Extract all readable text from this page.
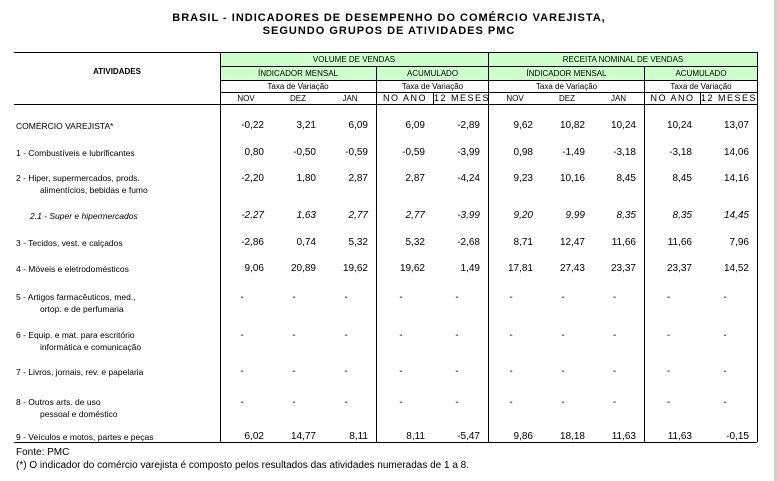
BRASIL - INDICADORES DE DESEMPENHO DO COMÉRCIO VAREJISTA,
SEGUNDO GRUPOS DE ATIVIDADES PMC
ATIVIDADES
VOLUME DE VENDAS	RECEITA NOMINAL DE VENDAS
ÍNDICADOR MENSAL	ACUMULADO	ÍNDICADOR MENSAL	ACUMULADO
Taxa de Variação	Taxa de Variação	Taxa de Variação	Taxa de Variação
NOV	DEZ	JAN	NO ANO 12 MESES	NOV	DEZ	JAN	NO ANO 12 MESES
COMÉRCIO VAREJISTA*	-0,22	3,21	6,09	6,09	-2,89	9,62	10,82	10,24	10,24	13,07
1 - Combustíveis e lubrificantes	0,80	-0,50	-0,59	-0,59	-3,99	0,98	-1,49	-3,18	-3,18	14,06
2 - Hiper, supermercados, prods.
alimentícios, bebidas e fumo
-2,20	1,80	2,87	2,87	-4,24	9,23	10,16	8,45	8,45	14,16
2.1 - Super e hipermercados	-2,27	1,63	2,77	2,77	-3,99	9,20	9,99	8,35	8,35	14,45
3 - Tecidos, vest. e calçados	-2,86	0,74	5,32	5,32	-2,68	8,71	12,47	11,66	11,66	7,96
4 - Móveis e eletrodomésticos	9,06	20,89	19,62	19,62	1,49	17,81	27,43	23,37	23,37	14,52
5 - Artigos farmacêuticos, med.,
ortop. e de perfumaria
-	-	-	-	-	-	-	-	-	-
6 - Equip. e mat. para escritório
informática e comunicação
-	-	-	-	-	-	-	-	-	-
7 - Livros, jornais, rev. e papelaria	-	-	-	-	-	-	-	-	-	-
8 - Outros arts. de uso
pessoal e doméstico
-	-	-	-	-	-	-	-	-	-
9 - Veículos e motos, partes e peças	6,02	14,77	8,11	8,11	-5,47	9,86	18,18	11,63	11,63	-0,15
Fonte: PMC
(*) O indicador do comércio varejista é composto pelos resultados das atividades numeradas de 1 a 8.
